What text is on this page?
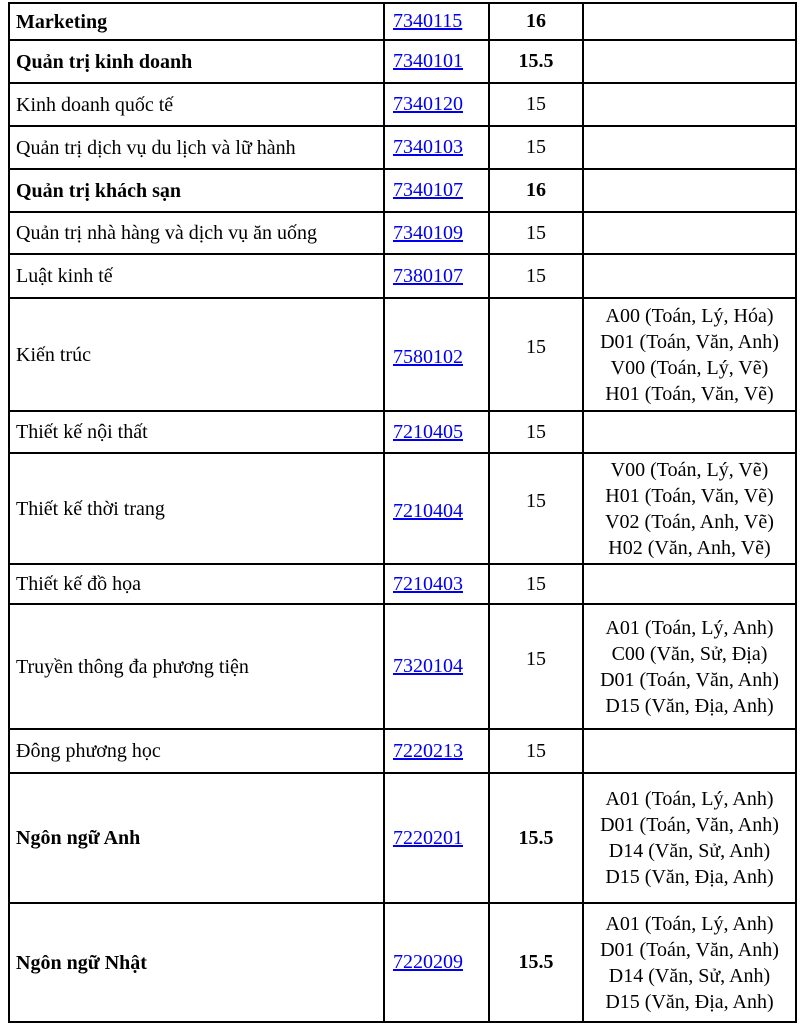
Marketing	7340115	16	
Quản trị kinh doanh	7340101	15.5	
Kinh doanh quốc tế	7340120	15	
Quản trị dịch vụ du lịch và lữ hành	7340103	15	
Quản trị khách sạn	7340107	16	
Quản trị nhà hàng và dịch vụ ăn uống	7340109	15	
Luật kinh tế	7380107	15	
Kiến trúc	7580102	15	A00 (Toán, Lý, Hóa)
D01 (Toán, Văn, Anh)
V00 (Toán, Lý, Vẽ)
H01 (Toán, Văn, Vẽ)

Thiết kế nội thất	7210405	15	
Thiết kế thời trang	7210404	15	V00 (Toán, Lý, Vẽ)
H01 (Toán, Văn, Vẽ)
V02 (Toán, Anh, Vẽ)
H02 (Văn, Anh, Vẽ)

Thiết kế đồ họa	7210403	15	
Truyền thông đa phương tiện	7320104	15	A01 (Toán, Lý, Anh)
C00 (Văn, Sử, Địa)
D01 (Toán, Văn, Anh)
D15 (Văn, Địa, Anh)

Đông phương học	7220213	15	
Ngôn ngữ Anh	7220201	15.5	A01 (Toán, Lý, Anh)
D01 (Toán, Văn, Anh)
D14 (Văn, Sử, Anh)
D15 (Văn, Địa, Anh)

Ngôn ngữ Nhật	7220209	15.5	A01 (Toán, Lý, Anh)
D01 (Toán, Văn, Anh)
D14 (Văn, Sử, Anh)
D15 (Văn, Địa, Anh)
